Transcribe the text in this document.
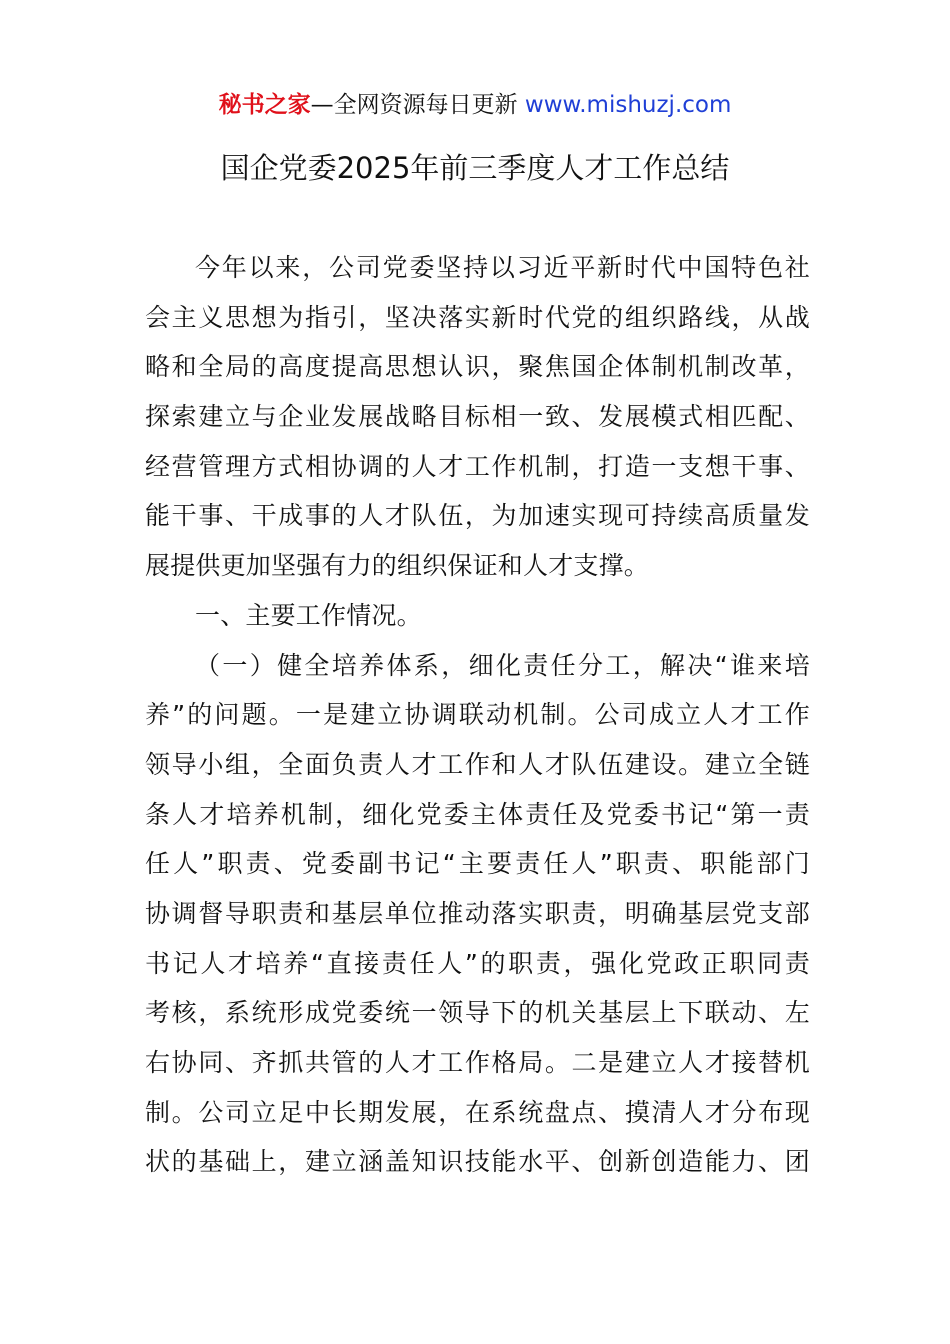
秘书之家—全网资源每日更新 www.mishuzj.com
国企党委2025年前三季度人才工作总结
今年以来，公司党委坚持以习近平新时代中国特色社
会主义思想为指引，坚决落实新时代党的组织路线，从战
略和全局的高度提高思想认识，聚焦国企体制机制改革，
探索建立与企业发展战略目标相一致、发展模式相匹配、
经营管理方式相协调的人才工作机制，打造一支想干事、
能干事、干成事的人才队伍，为加速实现可持续高质量发
展提供更加坚强有力的组织保证和人才支撑。
一、主要工作情况。
（一）健全培养体系，细化责任分工，解决“谁来培
养”的问题。一是建立协调联动机制。公司成立人才工作
领导小组，全面负责人才工作和人才队伍建设。建立全链
条人才培养机制，细化党委主体责任及党委书记“第一责
任人”职责、党委副书记“主要责任人”职责、职能部门
协调督导职责和基层单位推动落实职责，明确基层党支部
书记人才培养“直接责任人”的职责，强化党政正职同责
考核，系统形成党委统一领导下的机关基层上下联动、左
右协同、齐抓共管的人才工作格局。二是建立人才接替机
制。公司立足中长期发展，在系统盘点、摸清人才分布现
状的基础上，建立涵盖知识技能水平、创新创造能力、团
